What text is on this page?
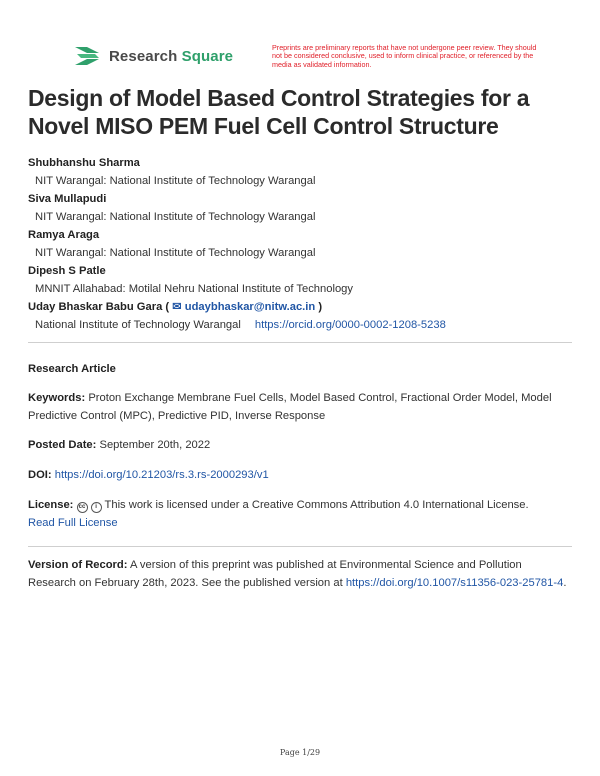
Research Square	Preprints are preliminary reports that have not undergone peer review. They should not be considered conclusive, used to inform clinical practice, or referenced by the media as validated information.
Design of Model Based Control Strategies for a Novel MISO PEM Fuel Cell Control Structure
Shubhanshu Sharma
NIT Warangal: National Institute of Technology Warangal
Siva Mullapudi
NIT Warangal: National Institute of Technology Warangal
Ramya Araga
NIT Warangal: National Institute of Technology Warangal
Dipesh S Patle
MNNIT Allahabad: Motilal Nehru National Institute of Technology
Uday Bhaskar Babu Gara ( ✉ udaybhaskar@nitw.ac.in )
National Institute of Technology Warangal https://orcid.org/0000-0002-1208-5238
Research Article
Keywords: Proton Exchange Membrane Fuel Cells, Model Based Control, Fractional Order Model, Model Predictive Control (MPC), Predictive PID, Inverse Response
Posted Date: September 20th, 2022
DOI: https://doi.org/10.21203/rs.3.rs-2000293/v1
License: cc i This work is licensed under a Creative Commons Attribution 4.0 International License.
Read Full License
Version of Record: A version of this preprint was published at Environmental Science and Pollution Research on February 28th, 2023. See the published version at https://doi.org/10.1007/s11356-023-25781-4.
Page 1/29
